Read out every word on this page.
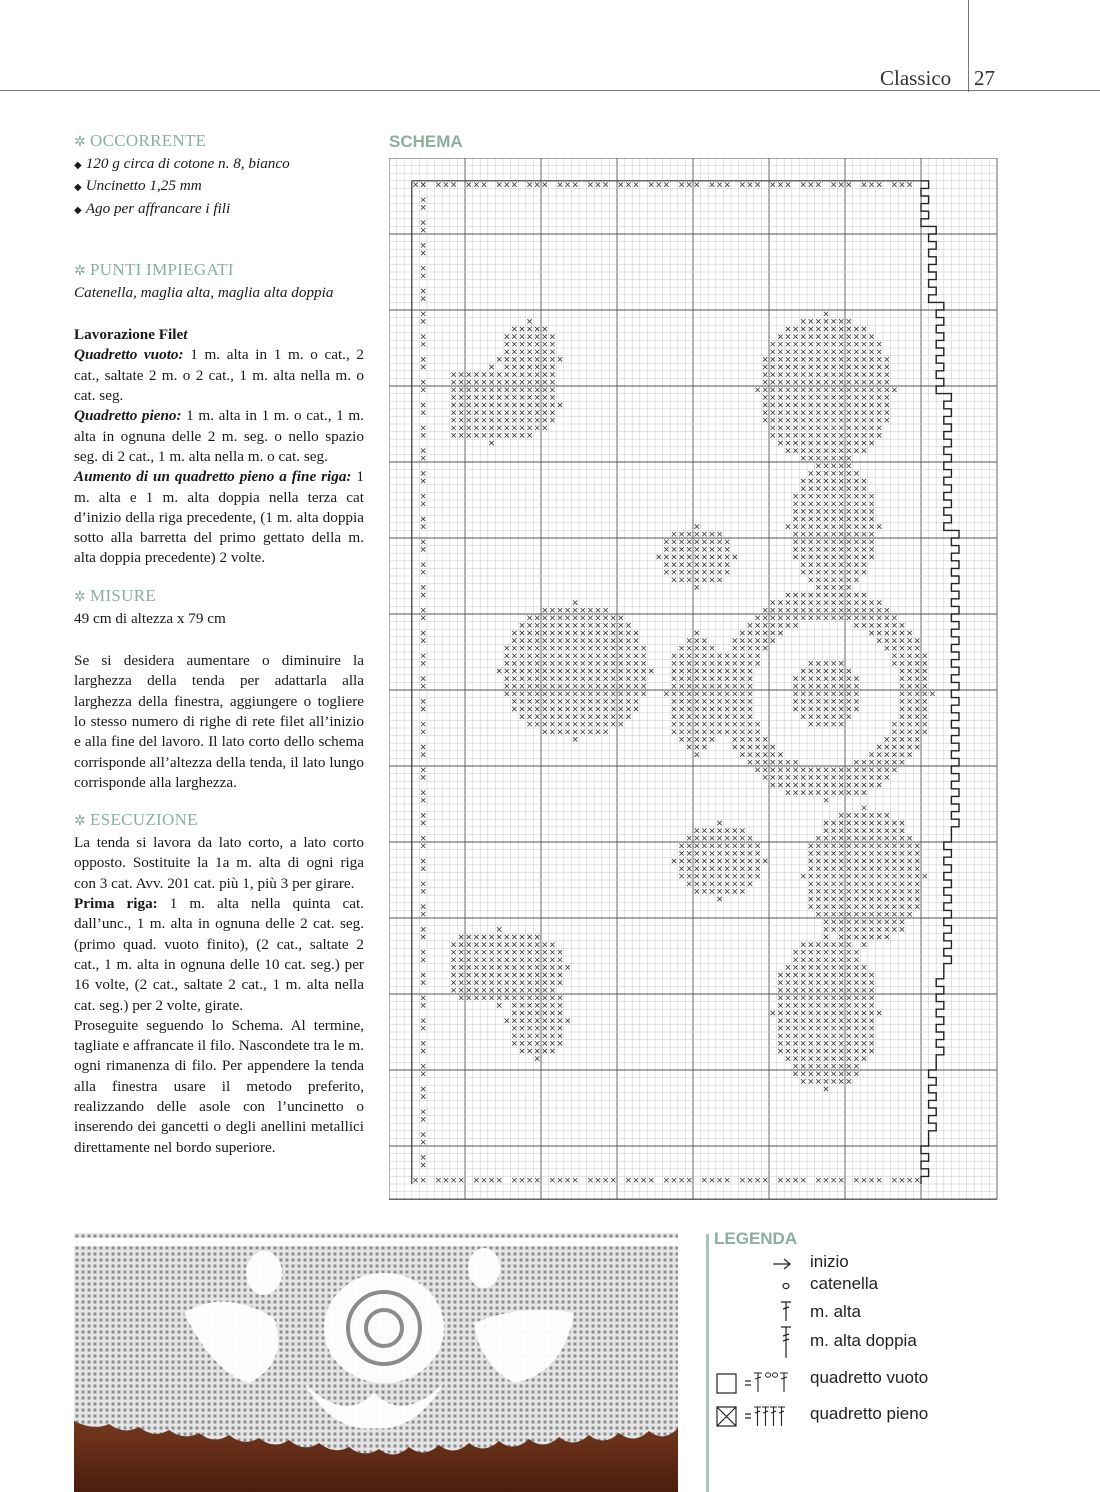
Classico 27

✲ OCCORRENTE

◆ 120 g circa di cotone n. 8, bianco

◆ Uncinetto 1,25 mm

◆ Ago per affrancare i fili

✲ PUNTI IMPIEGATI

Catenella, maglia alta, maglia alta doppia

Lavorazione Filet

Quadretto vuoto: 1 m. alta in 1 m. o cat., 2 cat., saltate 2 m. o 2 cat., 1 m. alta nella m. o cat. seg.

Quadretto pieno: 1 m. alta in 1 m. o cat., 1 m. alta in ognuna delle 2 m. seg. o nello spazio seg. di 2 cat., 1 m. alta nella m. o cat. seg.

Aumento di un quadretto pieno a fine riga: 1 m. alta e 1 m. alta doppia nella terza cat d’inizio della riga precedente, (1 m. alta doppia sotto alla barretta del primo gettato della m. alta doppia precedente) 2 volte.

✲ MISURE

49 cm di altezza x 79 cm

Se si desidera aumentare o diminuire la larghezza della tenda per adattarla alla larghezza della finestra, aggiungere o togliere lo stesso numero di righe di rete filet all’inizio e alla fine del lavoro. Il lato corto dello schema corrisponde all’altezza della tenda, il lato lungo corrisponde alla larghezza.

✲ ESECUZIONE

La tenda si lavora da lato corto, a lato corto opposto. Sostituite la 1a m. alta di ogni riga con 3 cat. Avv. 201 cat. più 1, più 3 per girare.

Prima riga: 1 m. alta nella quinta cat. dall’unc., 1 m. alta in ognuna delle 2 cat. seg. (primo quad. vuoto finito), (2 cat., saltate 2 cat., 1 m. alta in ognuna delle 10 cat. seg.) per 16 volte, (2 cat., saltate 2 cat., 1 m. alta nella cat. seg.) per 2 volte, girate.

Proseguite seguendo lo Schema. Al termine, tagliate e affrancate il filo. Nascondete tra le m. ogni rimanenza di filo. Per appendere la tenda alla finestra usare il metodo preferito, realizzando delle asole con l’uncinetto o inserendo dei gancetti o degli anellini metallici direttamente nel bordo superiore.

SCHEMA
LEGENDA
inizio
catenella
m. alta
m. alta doppia
quadretto vuoto
quadretto pieno
